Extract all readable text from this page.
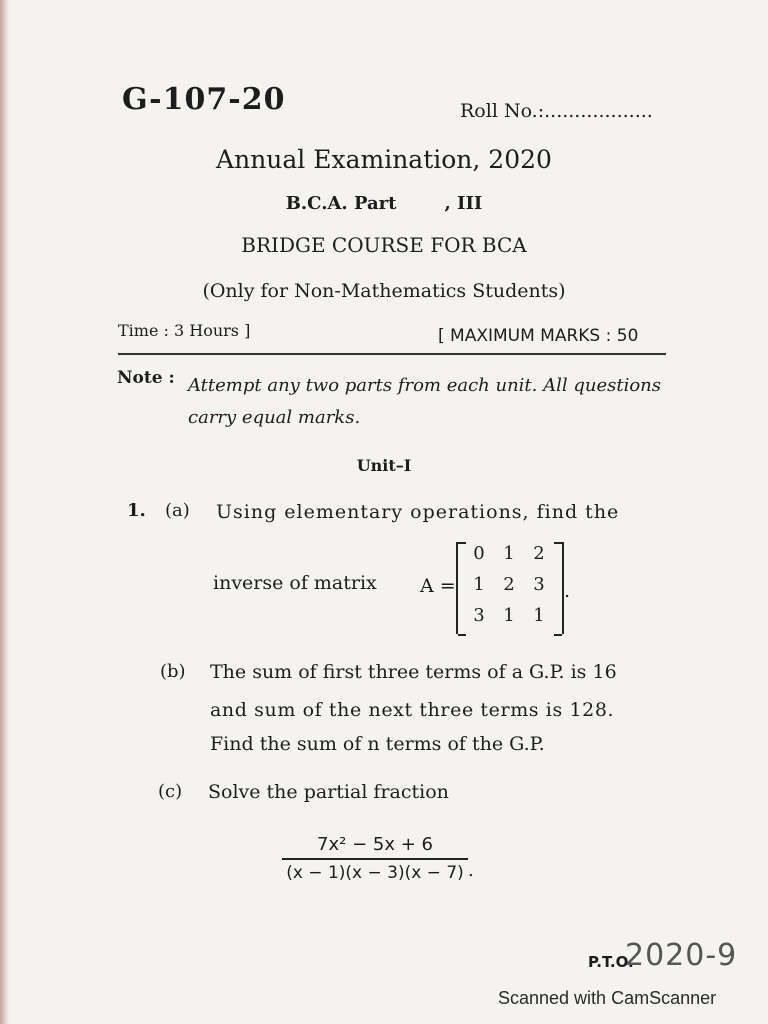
G-107-20	Roll No.:..................
Annual Examination, 2020
B.C.A. Part	, III
BRIDGE COURSE FOR BCA
(Only for Non-Mathematics Students)
Time : 3 Hours ]	[ MAXIMUM MARKS : 50
Note : Attempt any two parts from each unit. All questions
carry equal marks.
Unit–I
1. (a) Using elementary operations, find the
inverse of matrix A =
0	1	2
1	2	3
3	1	1
.
(b) The sum of first three terms of a G.P. is 16
and sum of the next three terms is 128.
Find the sum of n terms of the G.P.
(c) Solve the partial fraction
7x² − 5x + 6
(x − 1)(x − 3)(x − 7) .
P.T.O.
2020-9
Scanned with CamScanner
